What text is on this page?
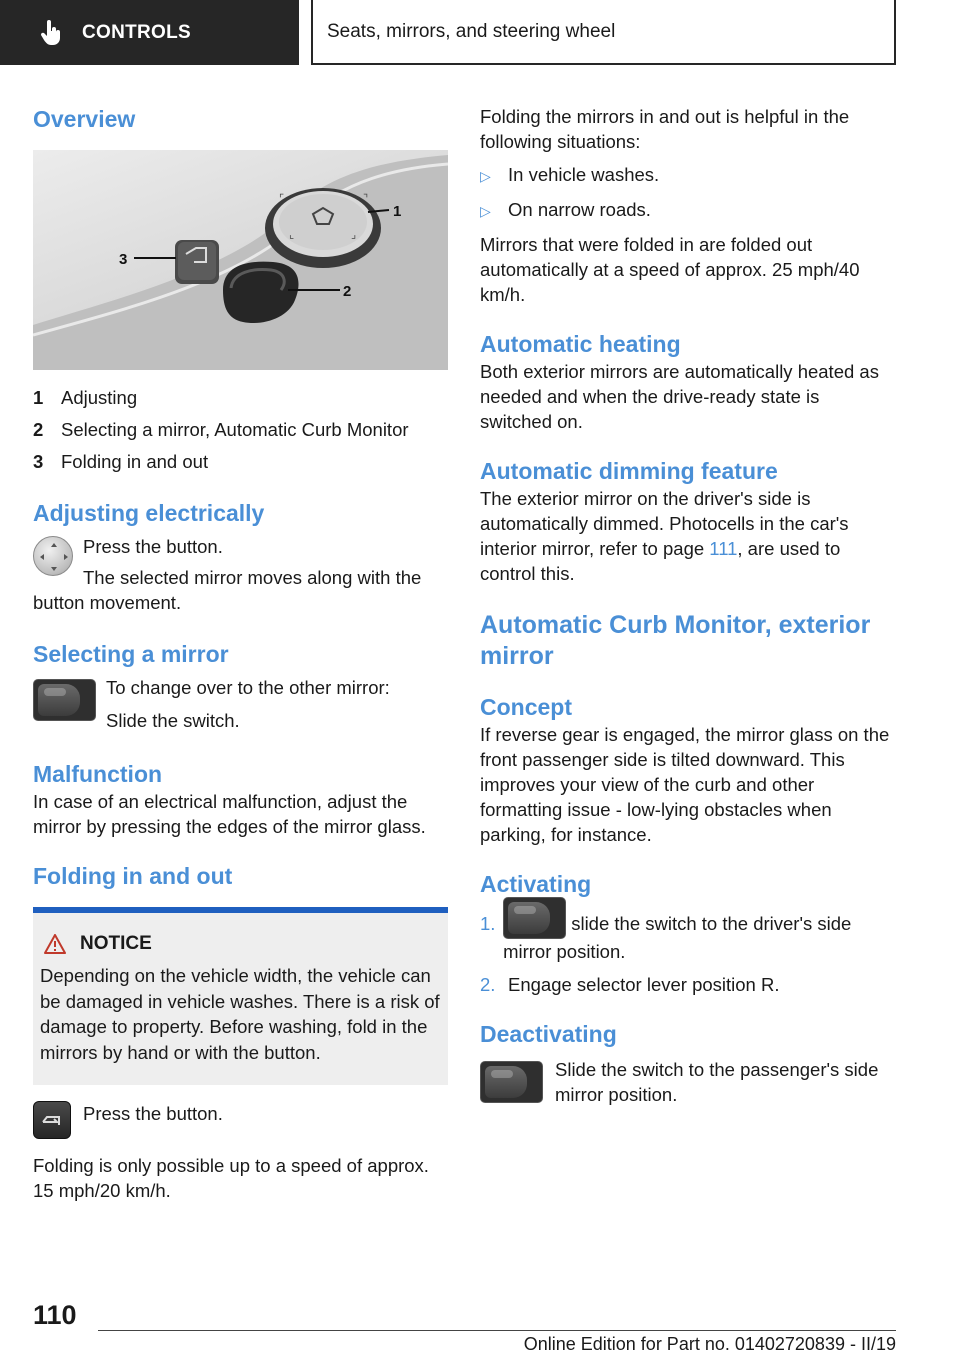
CONTROLS	Seats, mirrors, and steering wheel
Overview
⌜	⌝
⌞	⌟
1
2
3
1 Adjusting
2 Selecting a mirror, Automatic Curb Monitor
3 Folding in and out
Adjusting electrically
Press the button.
The selected mirror moves along with the
button movement.
Selecting a mirror
To change over to the other mirror:
Slide the switch.
Malfunction
In case of an electrical malfunction, adjust the mirror by pressing the edges of the mirror glass.
Folding in and out
NOTICE
Depending on the vehicle width, the vehicle can be damaged in vehicle washes. There is a risk of damage to property. Before washing, fold in the mirrors by hand or with the button.
Press the button.
Folding is only possible up to a speed of approx. 15 mph/20 km/h.
Folding the mirrors in and out is helpful in the following situations:
▷ In vehicle washes.
▷ On narrow roads.
Mirrors that were folded in are folded out automatically at a speed of approx. 25 mph/40 km/h.
Automatic heating
Both exterior mirrors are automatically heated as needed and when the drive-ready state is switched on.
Automatic dimming feature
The exterior mirror on the driver's side is automatically dimmed. Photocells in the car's interior mirror, refer to page 111, are used to control this.
Automatic Curb Monitor, exterior mirror
Concept
If reverse gear is engaged, the mirror glass on the front passenger side is tilted downward. This improves your view of the curb and other formatting issue - low-lying obstacles when parking, for instance.
Activating
1.	slide the switch to the driver's side mirror position.
2. Engage selector lever position R.
Deactivating
Slide the switch to the passenger's side mirror position.
110
Online Edition for Part no. 01402720839 - II/19
